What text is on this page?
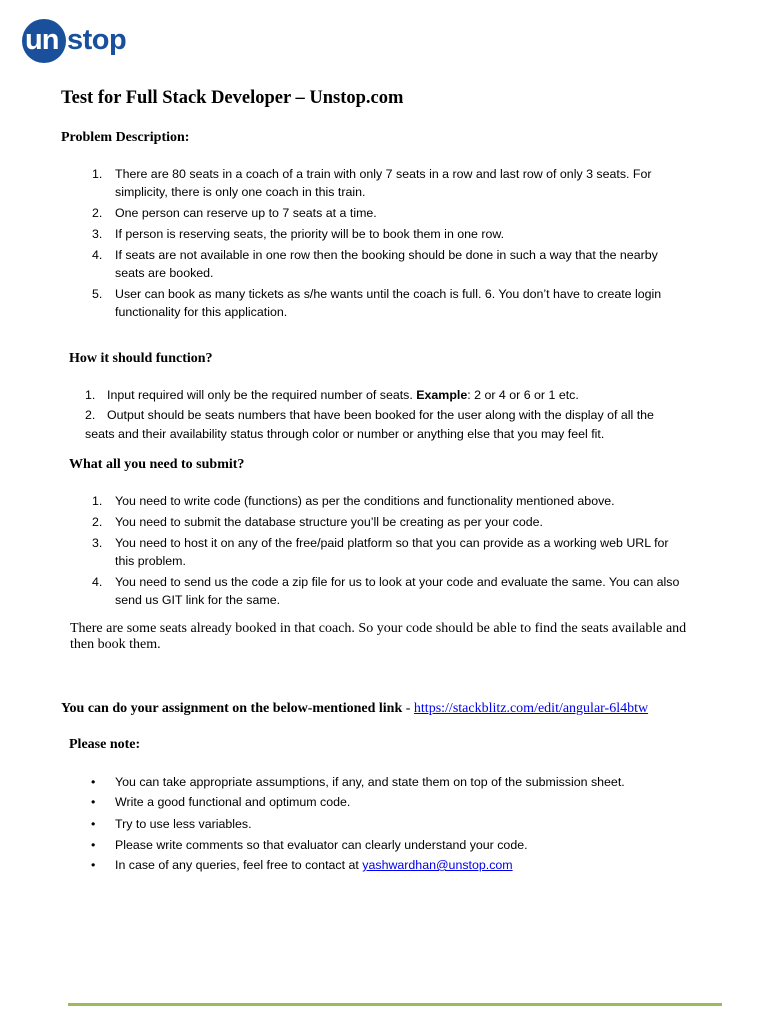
un stop
Test for Full Stack Developer – Unstop.com
Problem Description:
1. There are 80 seats in a coach of a train with only 7 seats in a row and last row of only 3 seats. For
simplicity, there is only one coach in this train.
2. One person can reserve up to 7 seats at a time.
3. If person is reserving seats, the priority will be to book them in one row.
4. If seats are not available in one row then the booking should be done in such a way that the nearby
seats are booked.
5. User can book as many tickets as s/he wants until the coach is full. 6. You don’t have to create login
functionality for this application.
How it should function?
1. Input required will only be the required number of seats. Example: 2 or 4 or 6 or 1 etc.
2. Output should be seats numbers that have been booked for the user along with the display of all the
seats and their availability status through color or number or anything else that you may feel fit.
What all you need to submit?
1. You need to write code (functions) as per the conditions and functionality mentioned above.
2. You need to submit the database structure you’ll be creating as per your code.
3. You need to host it on any of the free/paid platform so that you can provide as a working web URL for
this problem.
4. You need to send us the code a zip file for us to look at your code and evaluate the same. You can also
send us GIT link for the same.
There are some seats already booked in that coach. So your code should be able to find the seats available and then book them.
You can do your assignment on the below-mentioned link - https://stackblitz.com/edit/angular-6l4btw
Please note:
• You can take appropriate assumptions, if any, and state them on top of the submission sheet.
• Write a good functional and optimum code.
• Try to use less variables.
• Please write comments so that evaluator can clearly understand your code.
• In case of any queries, feel free to contact at yashwardhan@unstop.com
